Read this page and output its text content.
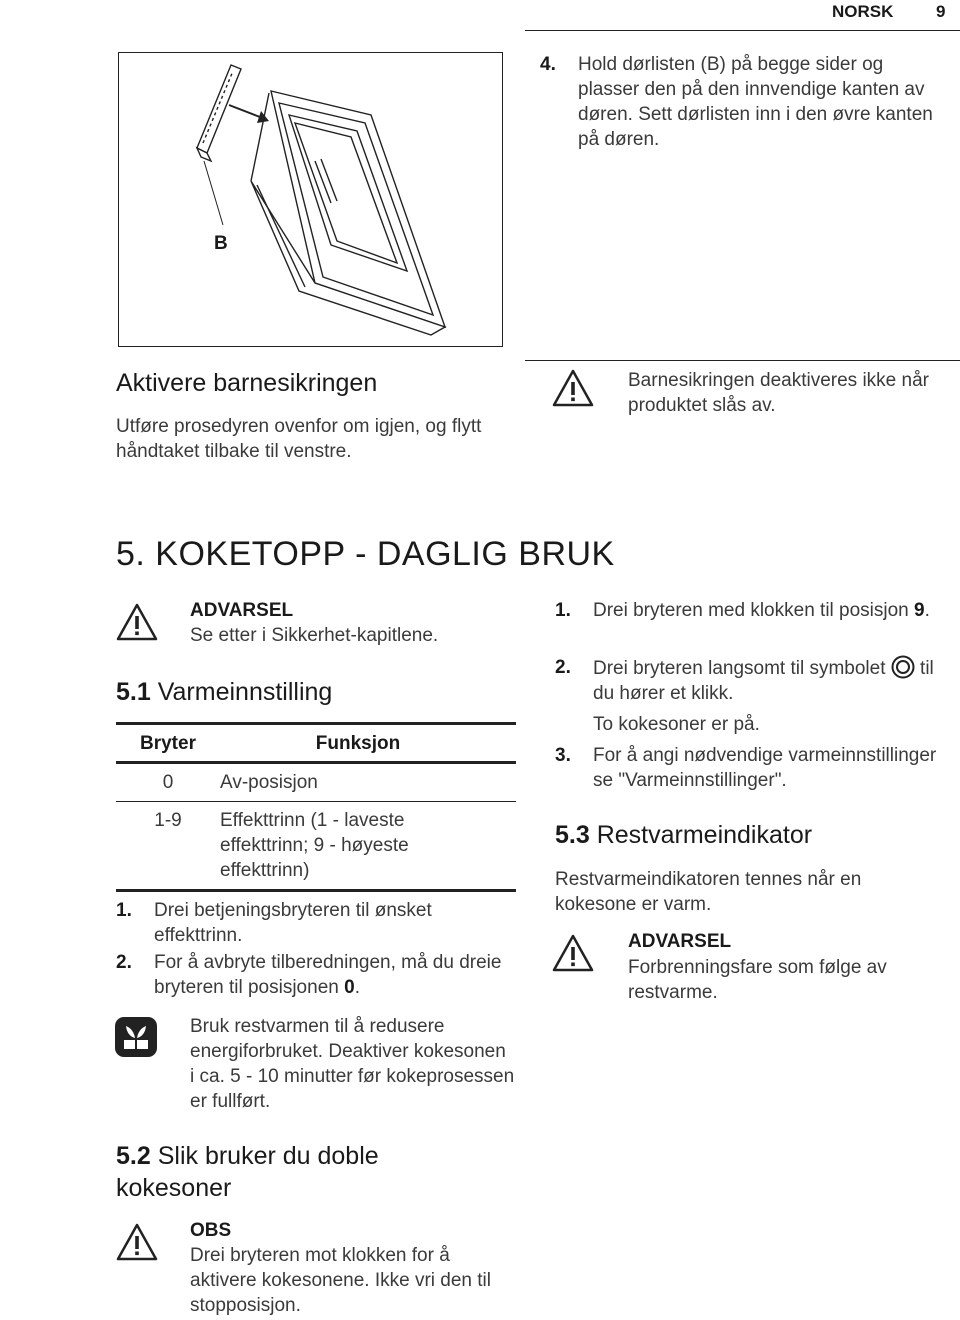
NORSK	9
B
4.	Hold dørlisten (B) på begge sider og plasser den på den innvendige kanten av døren. Sett dørlisten inn i den øvre kanten på døren.
Aktivere barnesikringen
Utføre prosedyren ovenfor om igjen, og flytt håndtaket tilbake til venstre.
Barnesikringen deaktiveres ikke når produktet slås av.
5. KOKETOPP - DAGLIG BRUK
ADVARSEL
Se etter i Sikkerhet-kapitlene.
5.1 Varmeinnstilling
Bryter	Funksjon
0	Av-posisjon
1-9	Effekttrinn (1 - laveste effekttrinn; 9 - høyeste effekttrinn)
1.	Drei betjeningsbryteren til ønsket effekttrinn.
2.	For å avbryte tilberedningen, må du dreie bryteren til posisjonen 0.
Bruk restvarmen til å redusere energiforbruket. Deaktiver kokesonen i ca. 5 - 10 minutter før kokeprosessen er fullført.
5.2 Slik bruker du doble kokesoner
OBS
Drei bryteren mot klokken for å aktivere kokesonene. Ikke vri den til stopposisjon.
1.	Drei bryteren med klokken til posisjon 9.
2.	Drei bryteren langsomt til symbolet  til du hører et klikk.
To kokesoner er på.
3.	For å angi nødvendige varmeinnstillinger se "Varmeinnstillinger".
5.3 Restvarmeindikator
Restvarmeindikatoren tennes når en kokesone er varm.
ADVARSEL
Forbrenningsfare som følge av restvarme.
